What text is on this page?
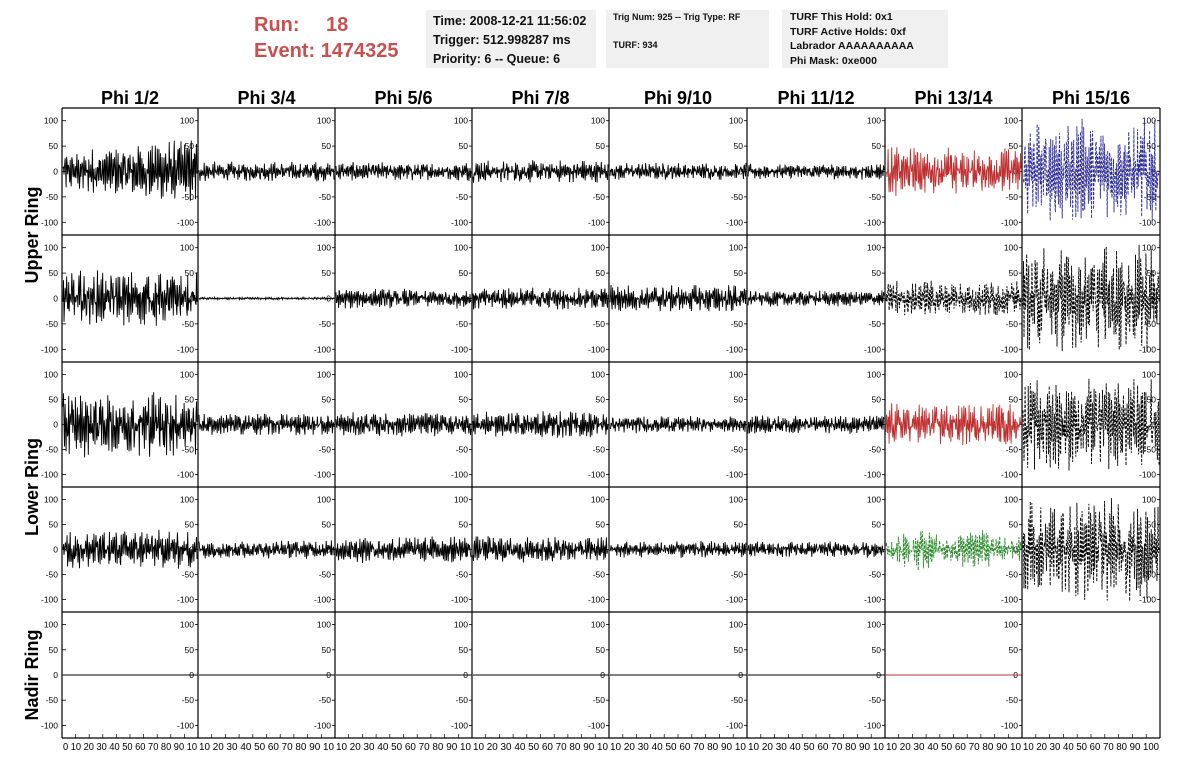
Run: 18
Event: 1474325
Time: 2008-12-21 11:56:02
Trigger: 512.998287 ms
Priority: 6 -- Queue: 6
Trig Num: 925 -- Trig Type: RF
TURF: 934
TURF This Hold: 0x1
TURF Active Holds: 0xf
Labrador AAAAAAAAAA
Phi Mask: 0xe000
Phi 1/2	Phi 3/4	Phi 5/6	Phi 7/8	Phi 9/10	Phi 11/12	Phi 13/14	Phi 15/16
Upper Ring
Lower Ring
Nadir Ring
100	100
50	50
0	0
-50	-50
-100	-100
100
50
0
-50
-100
100
50
0
-50
-100
100
50
0
-50
-100
100
50
0
-50
-100
100
50
0
-50
-100
100
50
0
-50
-100
100
50
0
-50
-100
100	100
50	50
0	0
-50	-50
-100	-100
100
50
0
-50
-100
100
50
0
-50
-100
100
50
0
-50
-100
100
50
0
-50
-100
100
50
0
-50
-100
100
50
0
-50
-100
100
50
0
-50
-100
100	100
50	50
0	0
-50	-50
-100	-100
100
50
0
-50
-100
100
50
0
-50
-100
100
50
0
-50
-100
100
50
0
-50
-100
100
50
0
-50
-100
100
50
0
-50
-100
100
50
0
-50
-100
100	100
50	50
0	0
-50	-50
-100	-100
100
50
0
-50
-100
100
50
0
-50
-100
100
50
0
-50
-100
100
50
0
-50
-100
100
50
0
-50
-100
100
50
0
-50
-100
100
50
0
-50
-100
100	100
50	50
0	0
-50	-50
-100	-100
100
50
0
-50
-100
100
50
0
-50
-100
100
50
0
-50
-100
100
50
0
-50
-100
100
50
0
-50
-100
100
50
0
-50
-100
0 10 20 30 40 50 60 70 80 90 10 10 20 30 40 50 60 70 80 90 10 10 20 30 40 50 60 70 80 90 10 10 20 30 40 50 60 70 80 90 10 10 20 30 40 50 60 70 80 90 10 10 20 30 40 50 60 70 80 90 10 10 20 30 40 50 60 70 80 90 10 10 20 30 40 50 60 70 80 90 100
